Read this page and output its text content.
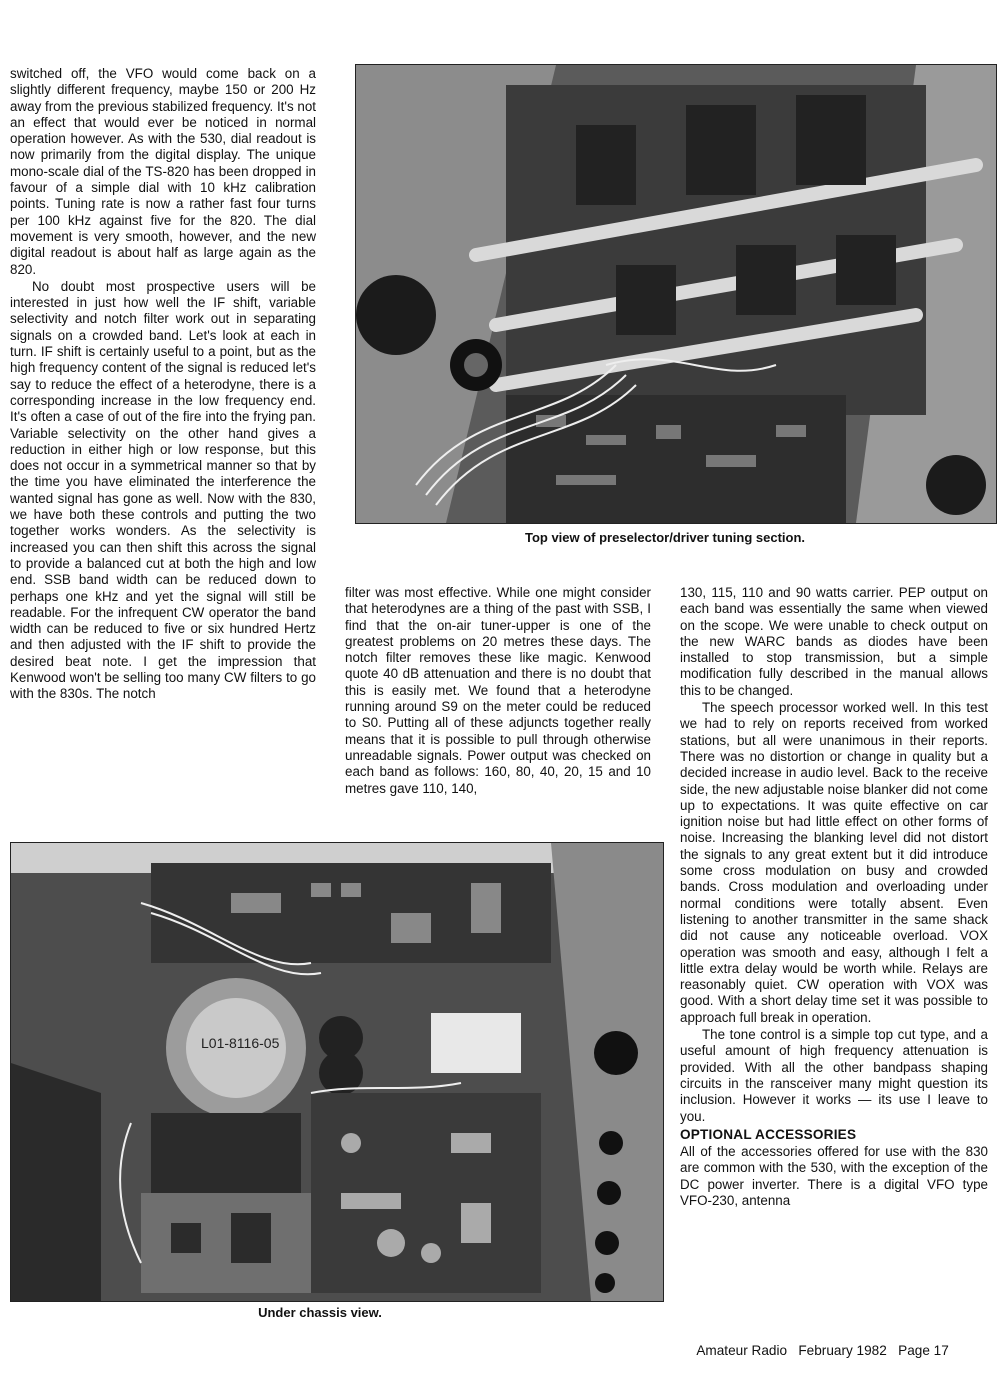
switched off, the VFO would come back on a slightly different frequency, maybe 150 or 200 Hz away from the previous stabilized frequency. It's not an effect that would ever be noticed in normal operation however. As with the 530, dial readout is now primarily from the digital display. The unique mono-scale dial of the TS-820 has been dropped in favour of a simple dial with 10 kHz calibration points. Tuning rate is now a rather fast four turns per 100 kHz against five for the 820. The dial movement is very smooth, however, and the new digital readout is about half as large again as the 820.

No doubt most prospective users will be interested in just how well the IF shift, variable selectivity and notch filter work out in separating signals on a crowded band. Let's look at each in turn. IF shift is certainly useful to a point, but as the high frequency content of the signal is reduced let's say to reduce the effect of a heterodyne, there is a corresponding increase in the low frequency end. It's often a case of out of the fire into the frying pan. Variable selectivity on the other hand gives a reduction in either high or low response, but this does not occur in a symmetrical manner so that by the time you have eliminated the interference the wanted signal has gone as well. Now with the 830, we have both these controls and putting the two together works wonders. As the selectivity is increased you can then shift this across the signal to provide a balanced cut at both the high and low end. SSB band width can be reduced down to perhaps one kHz and yet the signal will still be readable. For the infrequent CW operator the band width can be reduced to five or six hundred Hertz and then adjusted with the IF shift to provide the desired beat note. I get the impression that Kenwood won't be selling too many CW filters to go with the 830s. The notch

Top view of preselector/driver tuning section.

filter was most effective. While one might consider that heterodynes are a thing of the past with SSB, I find that the on-air tuner-upper is one of the greatest problems on 20 metres these days. The notch filter removes these like magic. Kenwood quote 40 dB attenuation and there is no doubt that this is easily met. We found that a heterodyne running around S9 on the meter could be reduced to S0. Putting all of these adjuncts together really means that it is possible to pull through otherwise unreadable signals. Power output was checked on each band as follows: 160, 80, 40, 20, 15 and 10 metres gave 110, 140,

130, 115, 110 and 90 watts carrier. PEP output on each band was essentially the same when viewed on the scope. We were unable to check output on the new WARC bands as diodes have been installed to stop transmission, but a simple modification fully described in the manual allows this to be changed.

The speech processor worked well. In this test we had to rely on reports received from worked stations, but all were unanimous in their reports. There was no distortion or change in quality but a decided increase in audio level. Back to the receive side, the new adjustable noise blanker did not come up to expectations. It was quite effective on car ignition noise but had little effect on other forms of noise. Increasing the blanking level did not distort the signals to any great extent but it did introduce some cross modulation on busy and crowded bands. Cross modulation and overloading under normal conditions were totally absent. Even listening to another transmitter in the same shack did not cause any noticeable overload. VOX operation was smooth and easy, although I felt a little extra delay would be worth while. Relays are reasonably quiet. CW operation with VOX was good. With a short delay time set it was possible to approach full break in operation.

The tone control is a simple top cut type, and a useful amount of high frequency attenuation is provided. With all the other bandpass shaping circuits in the ransceiver many might question its inclusion. However it works — its use I leave to you.

OPTIONAL ACCESSORIES

All of the accessories offered for use with the 830 are common with the 530, with the exception of the DC power inverter. There is a digital VFO type VFO-230, antenna

L01-8116-05
Under chassis view.

Amateur Radio February 1982 Page 17
